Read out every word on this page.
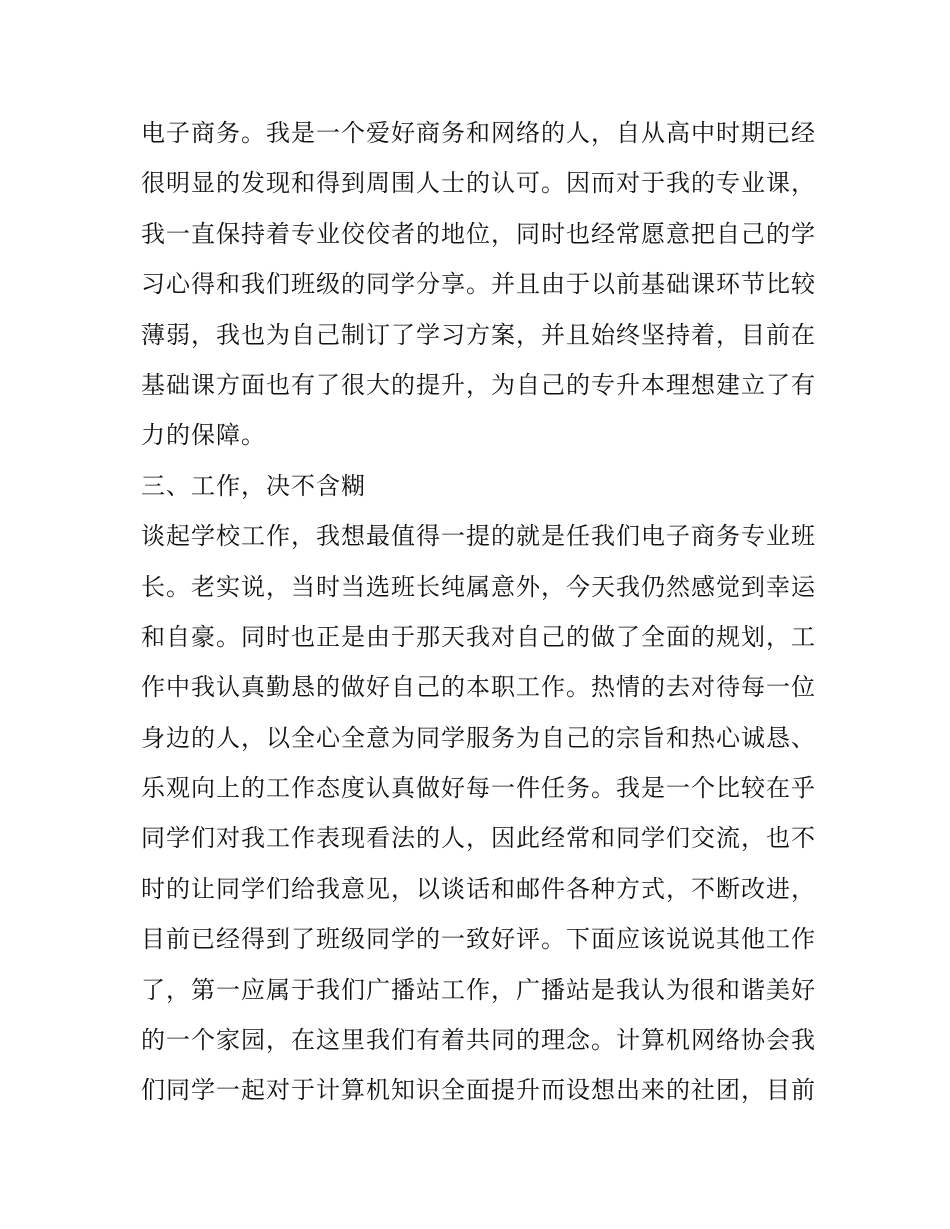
电子商务。我是一个爱好商务和网络的人，自从高中时期已经
很明显的发现和得到周围人士的认可。因而对于我的专业课，
我一直保持着专业佼佼者的地位，同时也经常愿意把自己的学
习心得和我们班级的同学分享。并且由于以前基础课环节比较
薄弱，我也为自己制订了学习方案，并且始终坚持着，目前在
基础课方面也有了很大的提升，为自己的专升本理想建立了有
力的保障。
三、工作，决不含糊
谈起学校工作，我想最值得一提的就是任我们电子商务专业班
长。老实说，当时当选班长纯属意外，今天我仍然感觉到幸运
和自豪。同时也正是由于那天我对自己的做了全面的规划，工
作中我认真勤恳的做好自己的本职工作。热情的去对待每一位
身边的人，以全心全意为同学服务为自己的宗旨和热心诚恳、
乐观向上的工作态度认真做好每一件任务。我是一个比较在乎
同学们对我工作表现看法的人，因此经常和同学们交流，也不
时的让同学们给我意见，以谈话和邮件各种方式，不断改进，
目前已经得到了班级同学的一致好评。下面应该说说其他工作
了，第一应属于我们广播站工作，广播站是我认为很和谐美好
的一个家园，在这里我们有着共同的理念。计算机网络协会我
们同学一起对于计算机知识全面提升而设想出来的社团，目前
